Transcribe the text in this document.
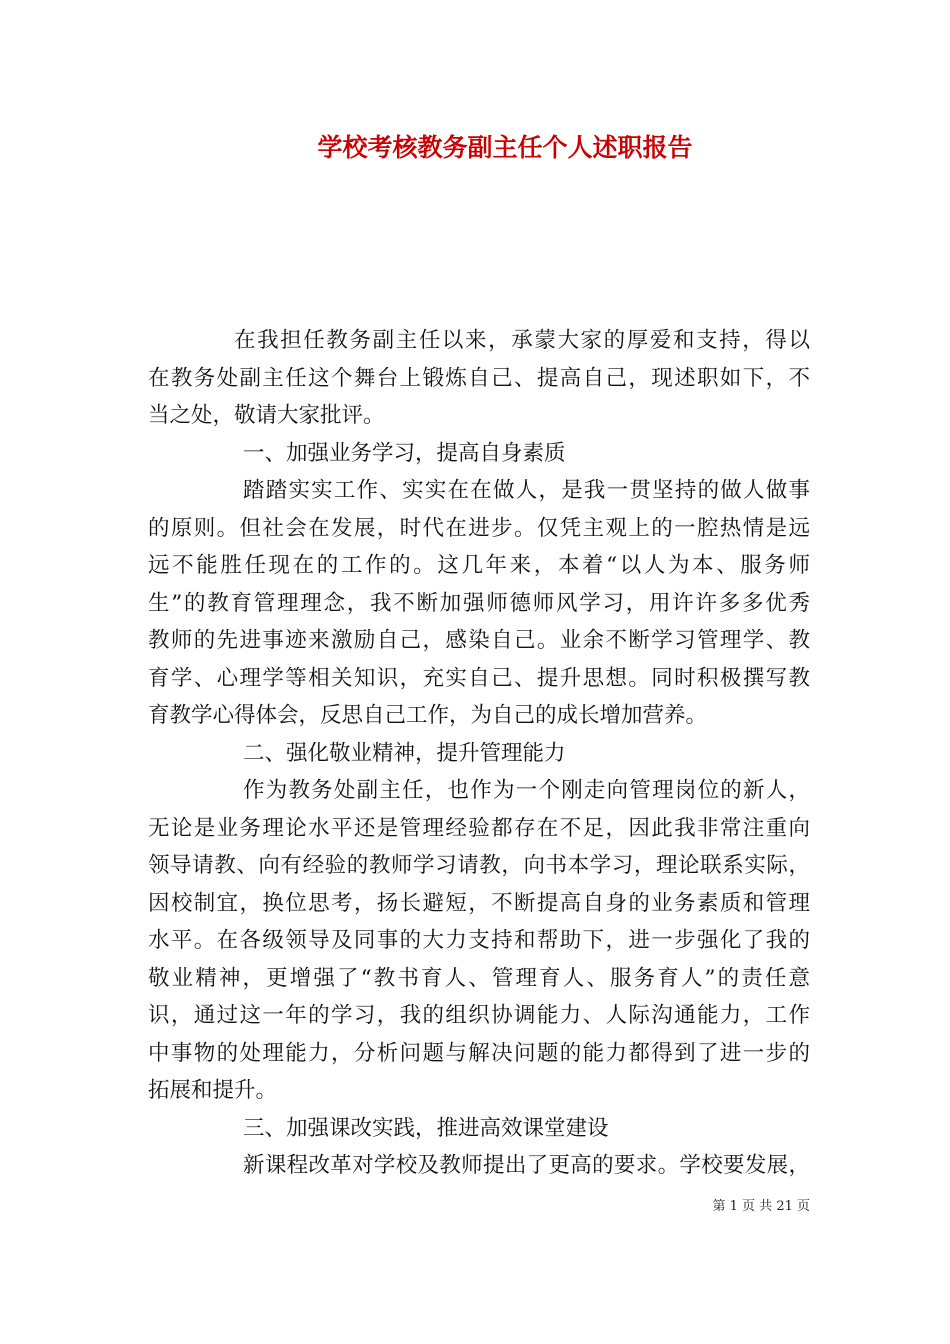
学校考核教务副主任个人述职报告
在我担任教务副主任以来，承蒙大家的厚爱和支持，得以
在教务处副主任这个舞台上锻炼自己、提高自己，现述职如下，不
当之处，敬请大家批评。
一、加强业务学习，提高自身素质
踏踏实实工作、实实在在做人，是我一贯坚持的做人做事
的原则。但社会在发展，时代在进步。仅凭主观上的一腔热情是远
远不能胜任现在的工作的。这几年来，本着“以人为本、服务师
生”的教育管理理念，我不断加强师德师风学习，用许许多多优秀
教师的先进事迹来激励自己，感染自己。业余不断学习管理学、教
育学、心理学等相关知识，充实自己、提升思想。同时积极撰写教
育教学心得体会，反思自己工作，为自己的成长增加营养。
二、强化敬业精神，提升管理能力
作为教务处副主任，也作为一个刚走向管理岗位的新人，
无论是业务理论水平还是管理经验都存在不足，因此我非常注重向
领导请教、向有经验的教师学习请教，向书本学习，理论联系实际，
因校制宜，换位思考，扬长避短，不断提高自身的业务素质和管理
水平。在各级领导及同事的大力支持和帮助下，进一步强化了我的
敬业精神，更增强了“教书育人、管理育人、服务育人”的责任意
识，通过这一年的学习，我的组织协调能力、人际沟通能力，工作
中事物的处理能力，分析问题与解决问题的能力都得到了进一步的
拓展和提升。
三、加强课改实践，推进高效课堂建设
新课程改革对学校及教师提出了更高的要求。学校要发展，
第 1 页 共 21 页
